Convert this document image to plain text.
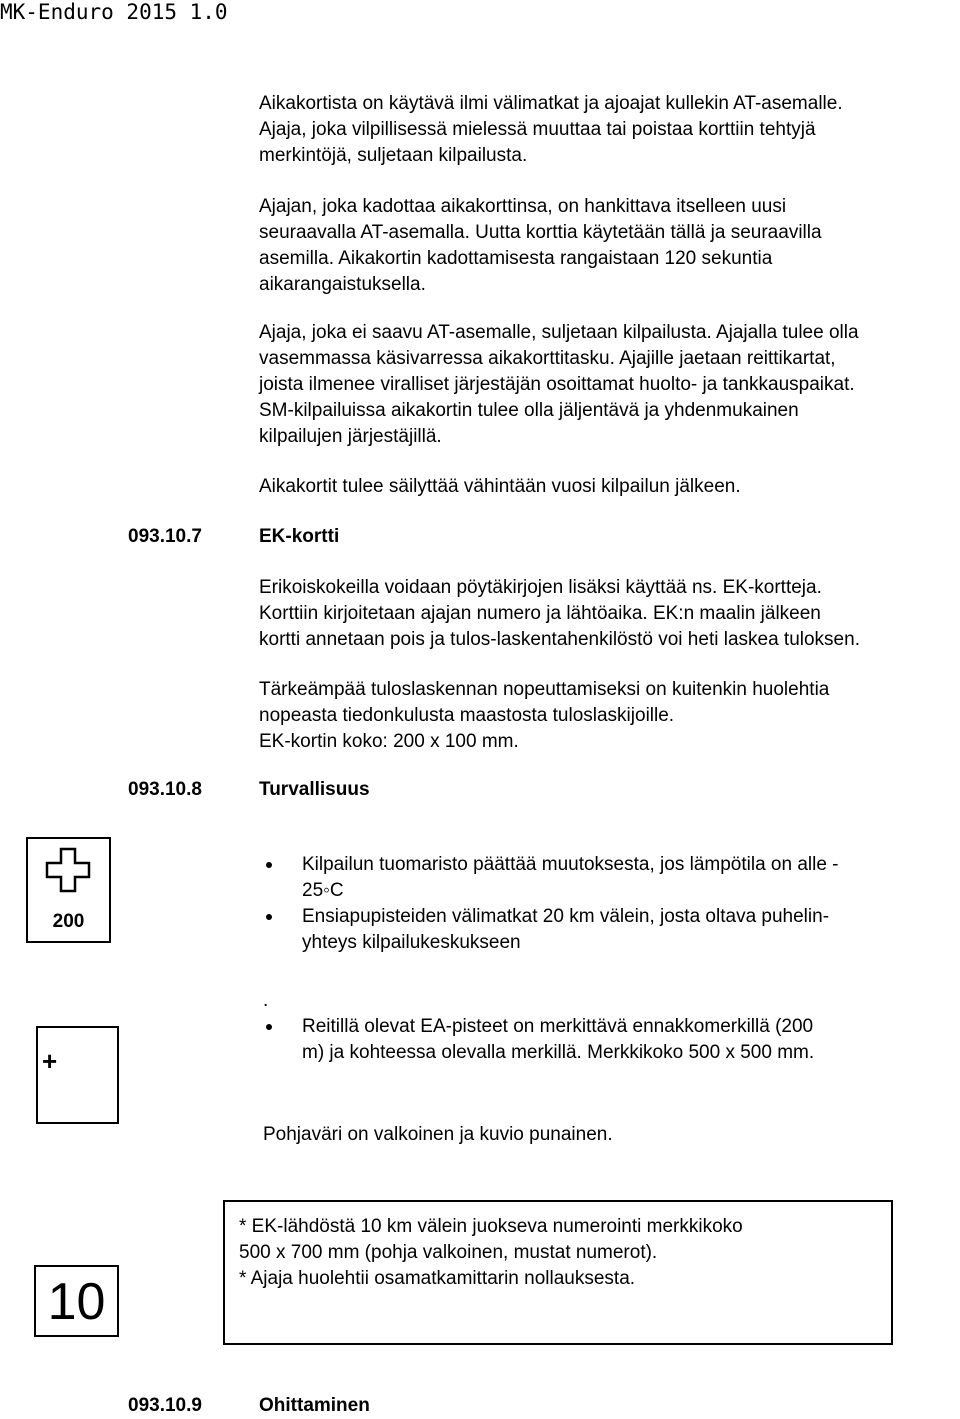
MK-Enduro 2015 1.0

Aikakortista on käytävä ilmi välimatkat ja ajoajat kullekin AT-asemalle.
Ajaja, joka vilpillisessä mielessä muuttaa tai poistaa korttiin tehtyjä
merkintöjä, suljetaan kilpailusta.

Ajajan, joka kadottaa aikakorttinsa, on hankittava itselleen uusi
seuraavalla AT-asemalla. Uutta korttia käytetään tällä ja seuraavilla
asemilla. Aikakortin kadottamisesta rangaistaan 120 sekuntia
aikarangaistuksella.

Ajaja, joka ei saavu AT-asemalle, suljetaan kilpailusta. Ajajalla tulee olla
vasemmassa käsivarressa aikakorttitasku. Ajajille jaetaan reittikartat,
joista ilmenee viralliset järjestäjän osoittamat huolto- ja tankkauspaikat.
SM-kilpailuissa aikakortin tulee olla jäljentävä ja yhdenmukainen
kilpailujen järjestäjillä.

Aikakortit tulee säilyttää vähintään vuosi kilpailun jälkeen.

093.10.7	EK-kortti

Erikoiskokeilla voidaan pöytäkirjojen lisäksi käyttää ns. EK-kortteja.
Korttiin kirjoitetaan ajajan numero ja lähtöaika. EK:n maalin jälkeen
kortti annetaan pois ja tulos-laskentahenkilöstö voi heti laskea tuloksen.

Tärkeämpää tuloslaskennan nopeuttamiseksi on kuitenkin huolehtia
nopeasta tiedonkulusta maastosta tuloslaskijoille.
EK-kortin koko: 200 x 100 mm.

093.10.8	Turvallisuus
200

Kilpailun tuomaristo päättää muutoksesta, jos lämpötila on alle -
25◦C

Ensiapupisteiden välimatkat 20 km välein, josta oltava puhelin-
yhteys kilpailukeskukseen

.
+

Reitillä olevat EA-pisteet on merkittävä ennakkomerkillä (200
m) ja kohteessa olevalla merkillä. Merkkikoko 500 x 500 mm.

Pohjaväri on valkoinen ja kuvio punainen.

10

* EK-lähdöstä 10 km välein juokseva numerointi merkkikoko
500 x 700 mm (pohja valkoinen, mustat numerot).
* Ajaja huolehtii osamatkamittarin nollauksesta.

093.10.9	Ohittaminen
